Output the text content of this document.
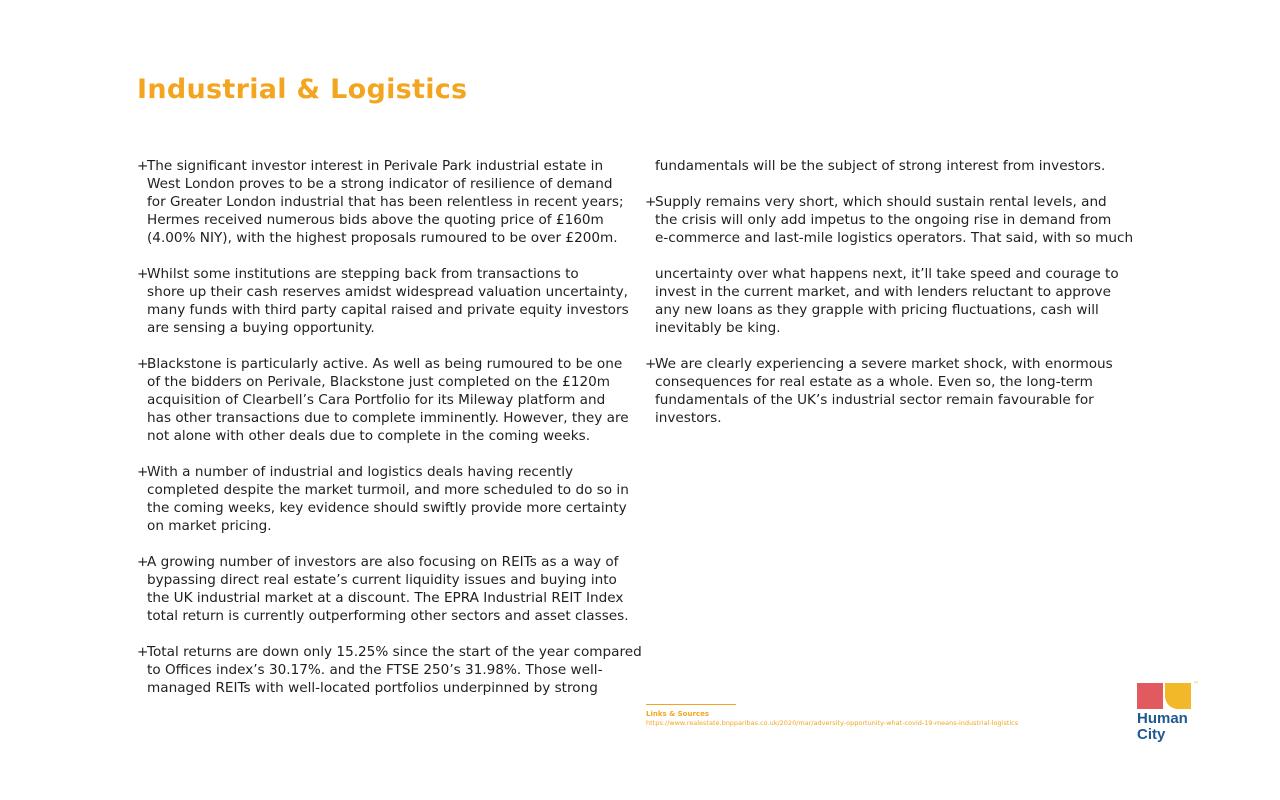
Industrial & Logistics
+
The significant investor interest in Perivale Park industrial estate in
West London proves to be a strong indicator of resilience of demand
for Greater London industrial that has been relentless in recent years;
Hermes received numerous bids above the quoting price of £160m
(4.00% NIY), with the highest proposals rumoured to be over £200m.
+
Whilst some institutions are stepping back from transactions to
shore up their cash reserves amidst widespread valuation uncertainty,
many funds with third party capital raised and private equity investors
are sensing a buying opportunity.
+
Blackstone is particularly active. As well as being rumoured to be one
of the bidders on Perivale, Blackstone just completed on the £120m
acquisition of Clearbell’s Cara Portfolio for its Mileway platform and
has other transactions due to complete imminently. However, they are
not alone with other deals due to complete in the coming weeks.
+
With a number of industrial and logistics deals having recently
completed despite the market turmoil, and more scheduled to do so in
the coming weeks, key evidence should swiftly provide more certainty
on market pricing.
+
A growing number of investors are also focusing on REITs as a way of
bypassing direct real estate’s current liquidity issues and buying into
the UK industrial market at a discount. The EPRA Industrial REIT Index
total return is currently outperforming other sectors and asset classes.
+
Total returns are down only 15.25% since the start of the year compared
to Offices index’s 30.17%. and the FTSE 250’s 31.98%. Those well-
managed REITs with well-located portfolios underpinned by strong
fundamentals will be the subject of strong interest from investors.
+
Supply remains very short, which should sustain rental levels, and
the crisis will only add impetus to the ongoing rise in demand from
e-commerce and last-mile logistics operators. That said, with so much
uncertainty over what happens next, it’ll take speed and courage to
invest in the current market, and with lenders reluctant to approve
any new loans as they grapple with pricing fluctuations, cash will
inevitably be king.
+
We are clearly experiencing a severe market shock, with enormous
consequences for real estate as a whole. Even so, the long-term
fundamentals of the UK’s industrial sector remain favourable for
investors.
Links & Sources
https://www.realestate.bnpparibas.co.uk/2020/mar/adversity-opportunity-what-covid-19-means-industrial-logistics
™
Human
City
